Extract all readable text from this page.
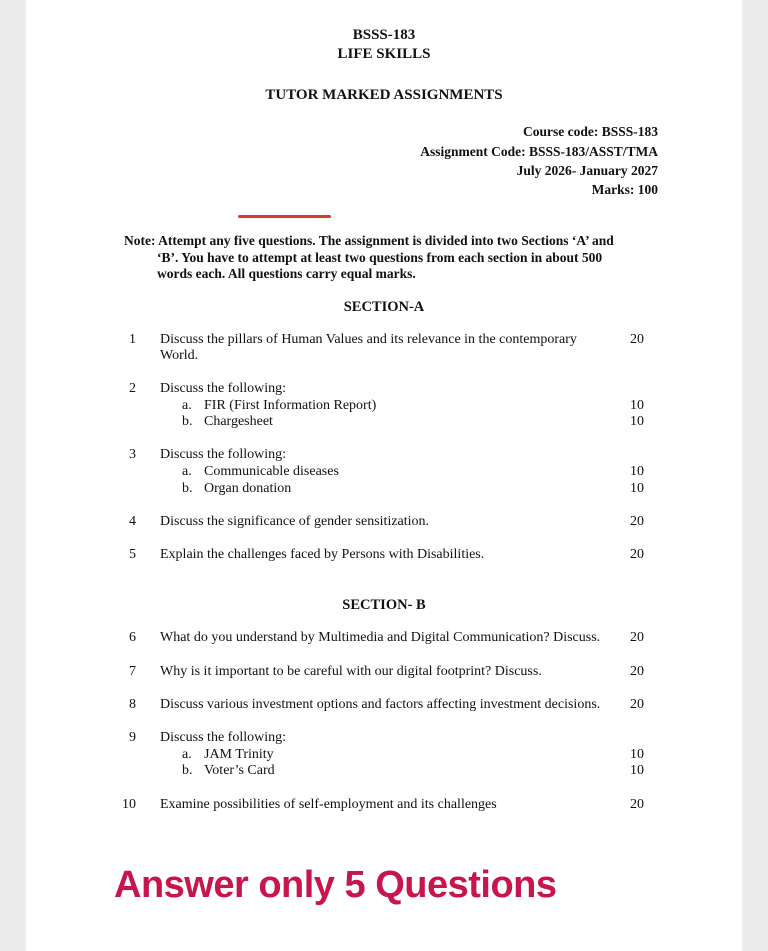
BSSS-183
LIFE SKILLS
TUTOR MARKED ASSIGNMENTS
Course code: BSSS-183
Assignment Code: BSSS-183/ASST/TMA
July 2026- January 2027
Marks: 100
Note: Attempt any five questions. The assignment is divided into two Sections ‘A’ and
‘B’. You have to attempt at least two questions from each section in about 500
words each. All questions carry equal marks.
SECTION-A
1 Discuss the pillars of Human Values and its relevance in the contemporary
World.
20
2 Discuss the following:
a. FIR (First Information Report)	10
b. Chargesheet	10
3 Discuss the following:
a. Communicable diseases	10
b. Organ donation	10
4 Discuss the significance of gender sensitization.	20
5 Explain the challenges faced by Persons with Disabilities.	20
SECTION- B
6 What do you understand by Multimedia and Digital Communication? Discuss. 20
7 Why is it important to be careful with our digital footprint? Discuss.	20
8 Discuss various investment options and factors affecting investment decisions. 20
9 Discuss the following:
a. JAM Trinity	10
b. Voter’s Card	10
10 Examine possibilities of self-employment and its challenges	20
Answer only 5 Questions
